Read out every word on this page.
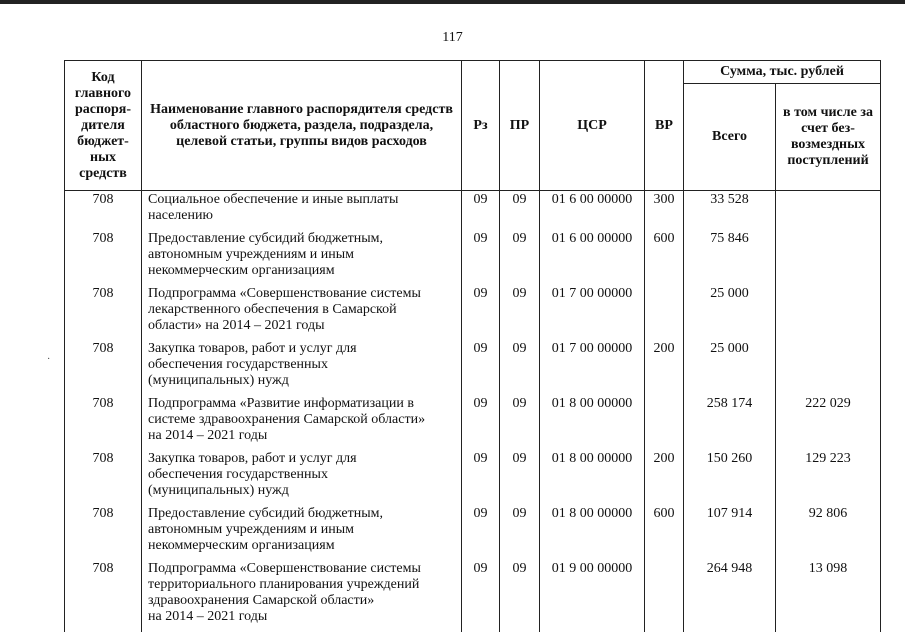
117
·
Код главного распоря-дителя бюджет-ных средств	Наименование главного распорядителя средств областного бюджета, раздела, подраздела, целевой статьи, группы видов расходов	Рз	ПР	ЦСР	ВР	Сумма, тыс. рублей	
						Всего	в том числе за счет без-возмездных поступлений
708	Социальное обеспечение и иные выплаты
населению	09	09	01 6 00 00000	300	33 528	
708	Предоставление субсидий бюджетным,
автономным учреждениям и иным
некоммерческим организациям	09	09	01 6 00 00000	600	75 846	
708	Подпрограмма «Совершенствование системы
лекарственного обеспечения в Самарской
области» на 2014 – 2021 годы	09	09	01 7 00 00000		25 000	
708	Закупка товаров, работ и услуг для
обеспечения государственных
(муниципальных) нужд	09	09	01 7 00 00000	200	25 000	
708	Подпрограмма «Развитие информатизации в
системе здравоохранения Самарской области»
на 2014 – 2021 годы	09	09	01 8 00 00000		258 174	222 029
708	Закупка товаров, работ и услуг для
обеспечения государственных
(муниципальных) нужд	09	09	01 8 00 00000	200	150 260	129 223
708	Предоставление субсидий бюджетным,
автономным учреждениям и иным
некоммерческим организациям	09	09	01 8 00 00000	600	107 914	92 806
708	Подпрограмма «Совершенствование системы
территориального планирования учреждений
здравоохранения Самарской области»
на 2014 – 2021 годы	09	09	01 9 00 00000		264 948	13 098
